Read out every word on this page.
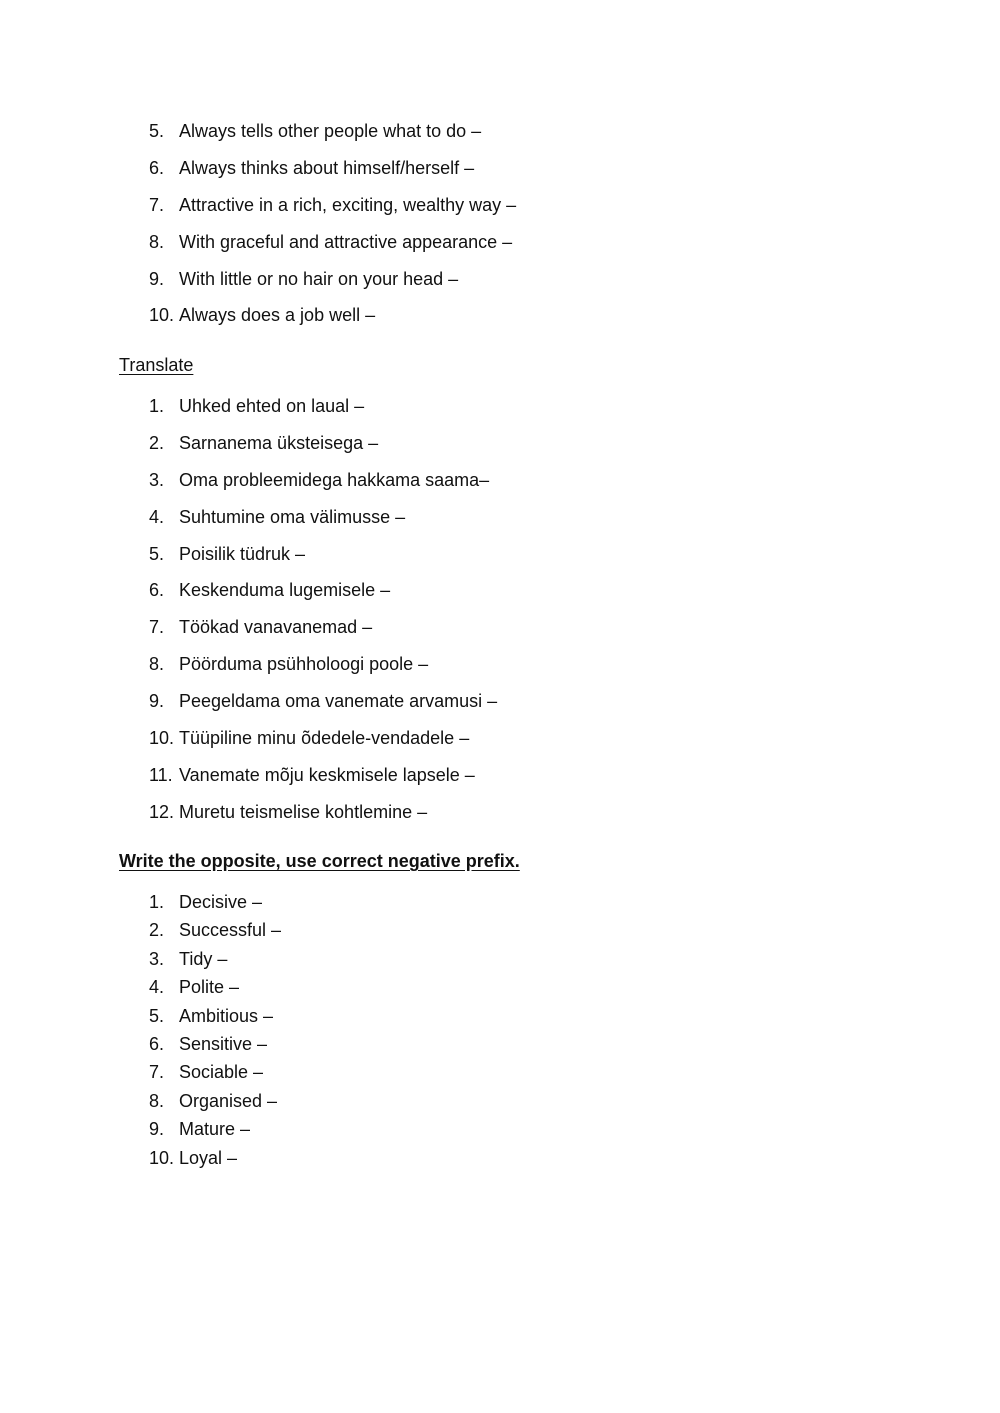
5. Always tells other people what to do –
6. Always thinks about himself/herself –
7. Attractive in a rich, exciting, wealthy way –
8. With graceful and attractive appearance –
9. With little or no hair on your head –
10. Always does a job well –
Translate
1. Uhked ehted on laual –
2. Sarnanema üksteisega –
3. Oma probleemidega hakkama saama–
4. Suhtumine oma välimusse –
5. Poisilik tüdruk –
6. Keskenduma lugemisele –
7. Töökad vanavanemad –
8. Pöörduma psühholoogi poole –
9. Peegeldama oma vanemate arvamusi –
10. Tüüpiline minu õdedele-vendadele –
11. Vanemate mõju keskmisele lapsele –
12. Muretu teismelise kohtlemine –
Write the opposite, use correct negative prefix.
1. Decisive –
2. Successful –
3. Tidy –
4. Polite –
5. Ambitious –
6. Sensitive –
7. Sociable –
8. Organised –
9. Mature –
10. Loyal –
